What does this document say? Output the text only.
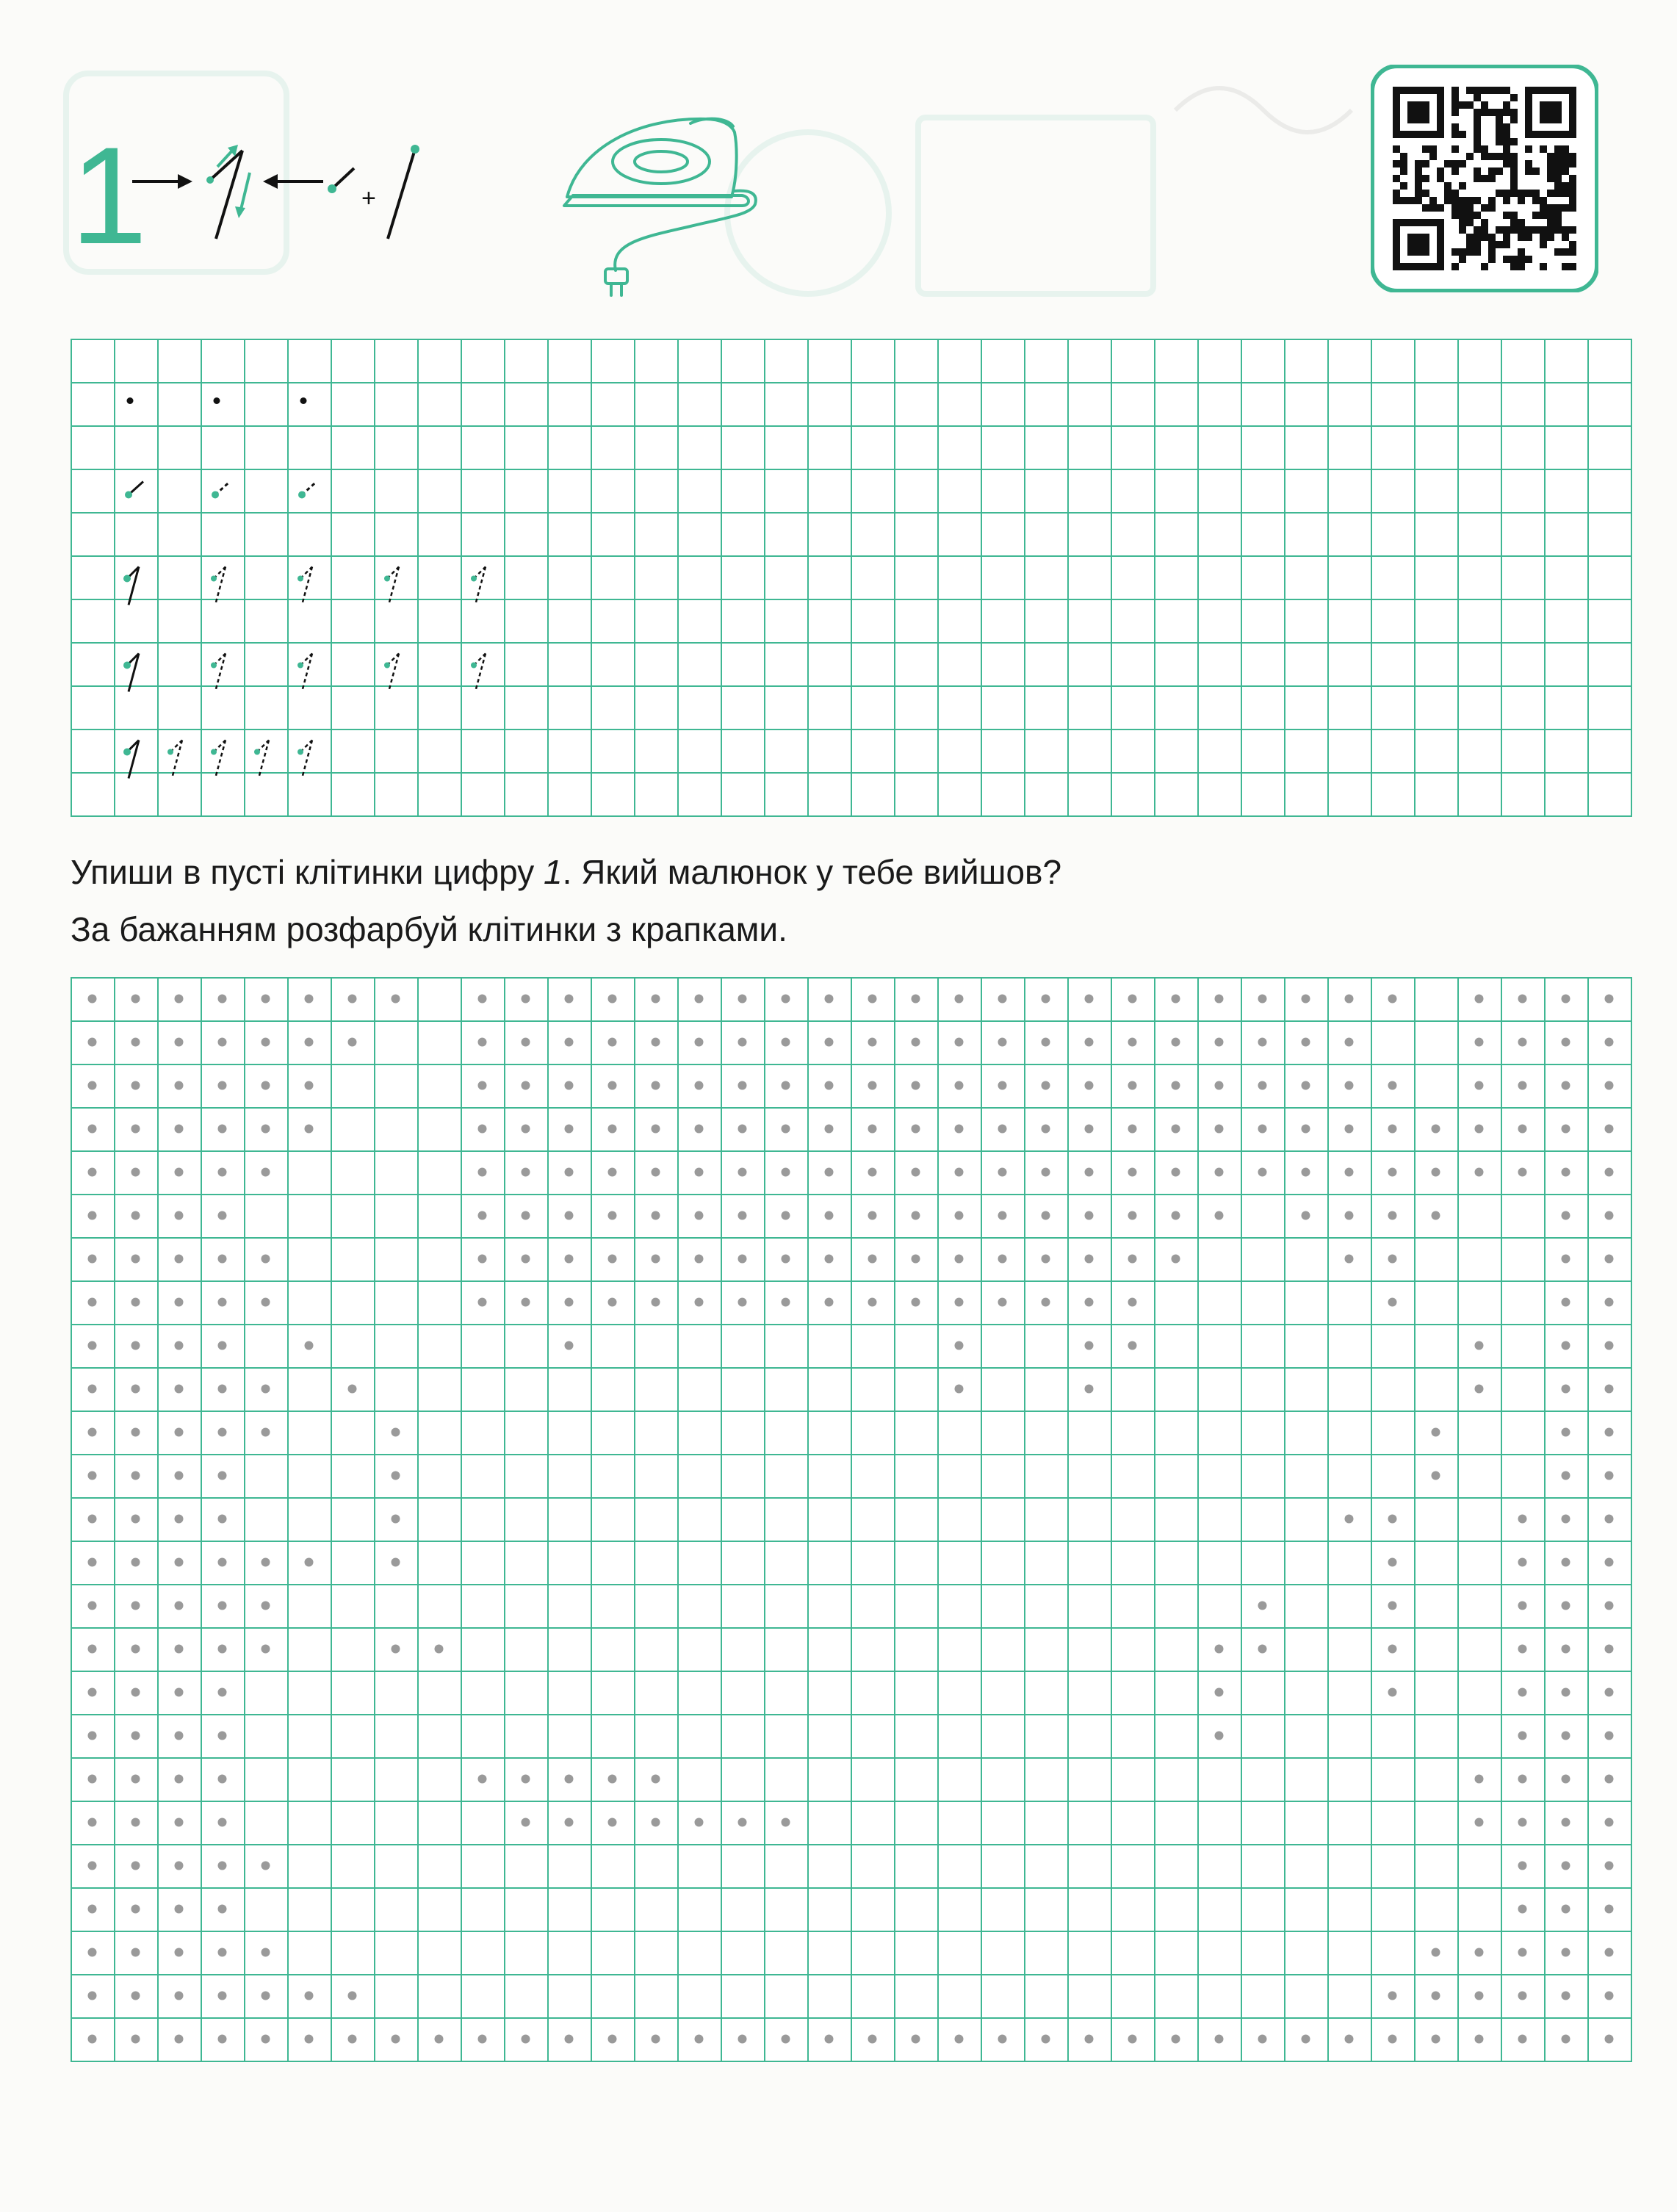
1	+
Упиши в пусті клітинки цифру 1. Який малюнок у тебе вийшов?
За бажанням розфарбуй клітинки з крапками.
